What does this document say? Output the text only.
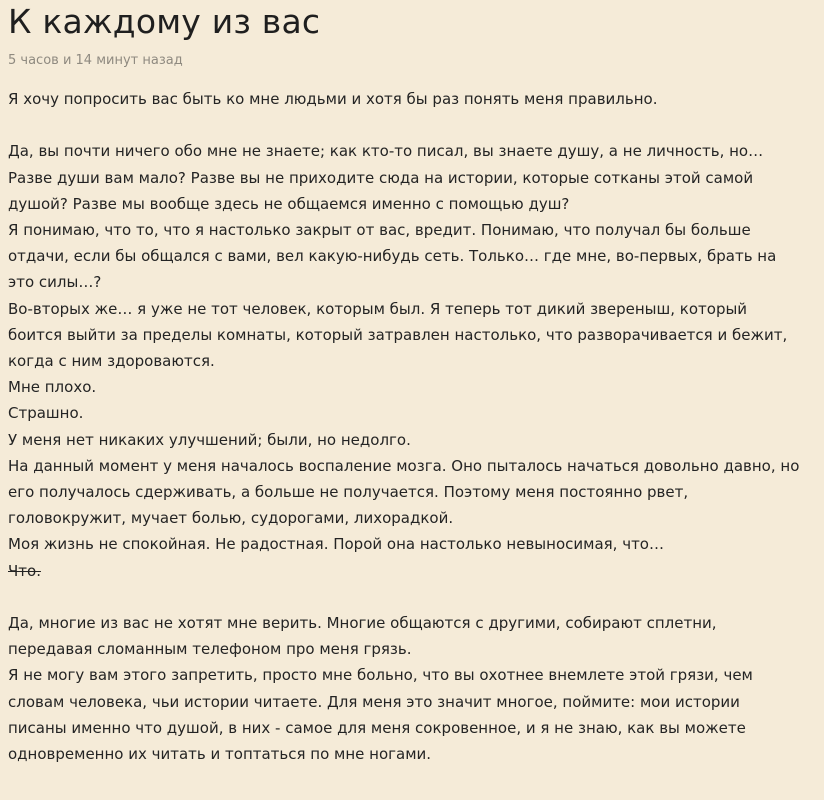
К каждому из вас
5 часов и 14 минут назад
Я хочу попросить вас быть ко мне людьми и хотя бы раз понять меня правильно.
Да, вы почти ничего обо мне не знаете; как кто-то писал, вы знаете душу, а не личность, но…
Разве души вам мало? Разве вы не приходите сюда на истории, которые сотканы этой самой
душой? Разве мы вообще здесь не общаемся именно с помощью душ?
Я понимаю, что то, что я настолько закрыт от вас, вредит. Понимаю, что получал бы больше
отдачи, если бы общался с вами, вел какую-нибудь сеть. Только… где мне, во-первых, брать на
это силы…?
Во-вторых же… я уже не тот человек, которым был. Я теперь тот дикий звереныш, который
боится выйти за пределы комнаты, который затравлен настолько, что разворачивается и бежит,
когда с ним здороваются.
Мне плохо.
Страшно.
У меня нет никаких улучшений; были, но недолго.
На данный момент у меня началось воспаление мозга. Оно пыталось начаться довольно давно, но
его получалось сдерживать, а больше не получается. Поэтому меня постоянно рвет,
головокружит, мучает болью, судорогами, лихорадкой.
Моя жизнь не спокойная. Не радостная. Порой она настолько невыносимая, что…
Что.
Да, многие из вас не хотят мне верить. Многие общаются с другими, собирают сплетни,
передавая сломанным телефоном про меня грязь.
Я не могу вам этого запретить, просто мне больно, что вы охотнее внемлете этой грязи, чем
словам человека, чьи истории читаете. Для меня это значит многое, поймите: мои истории
писаны именно что душой, в них - самое для меня сокровенное, и я не знаю, как вы можете
одновременно их читать и топтаться по мне ногами.
